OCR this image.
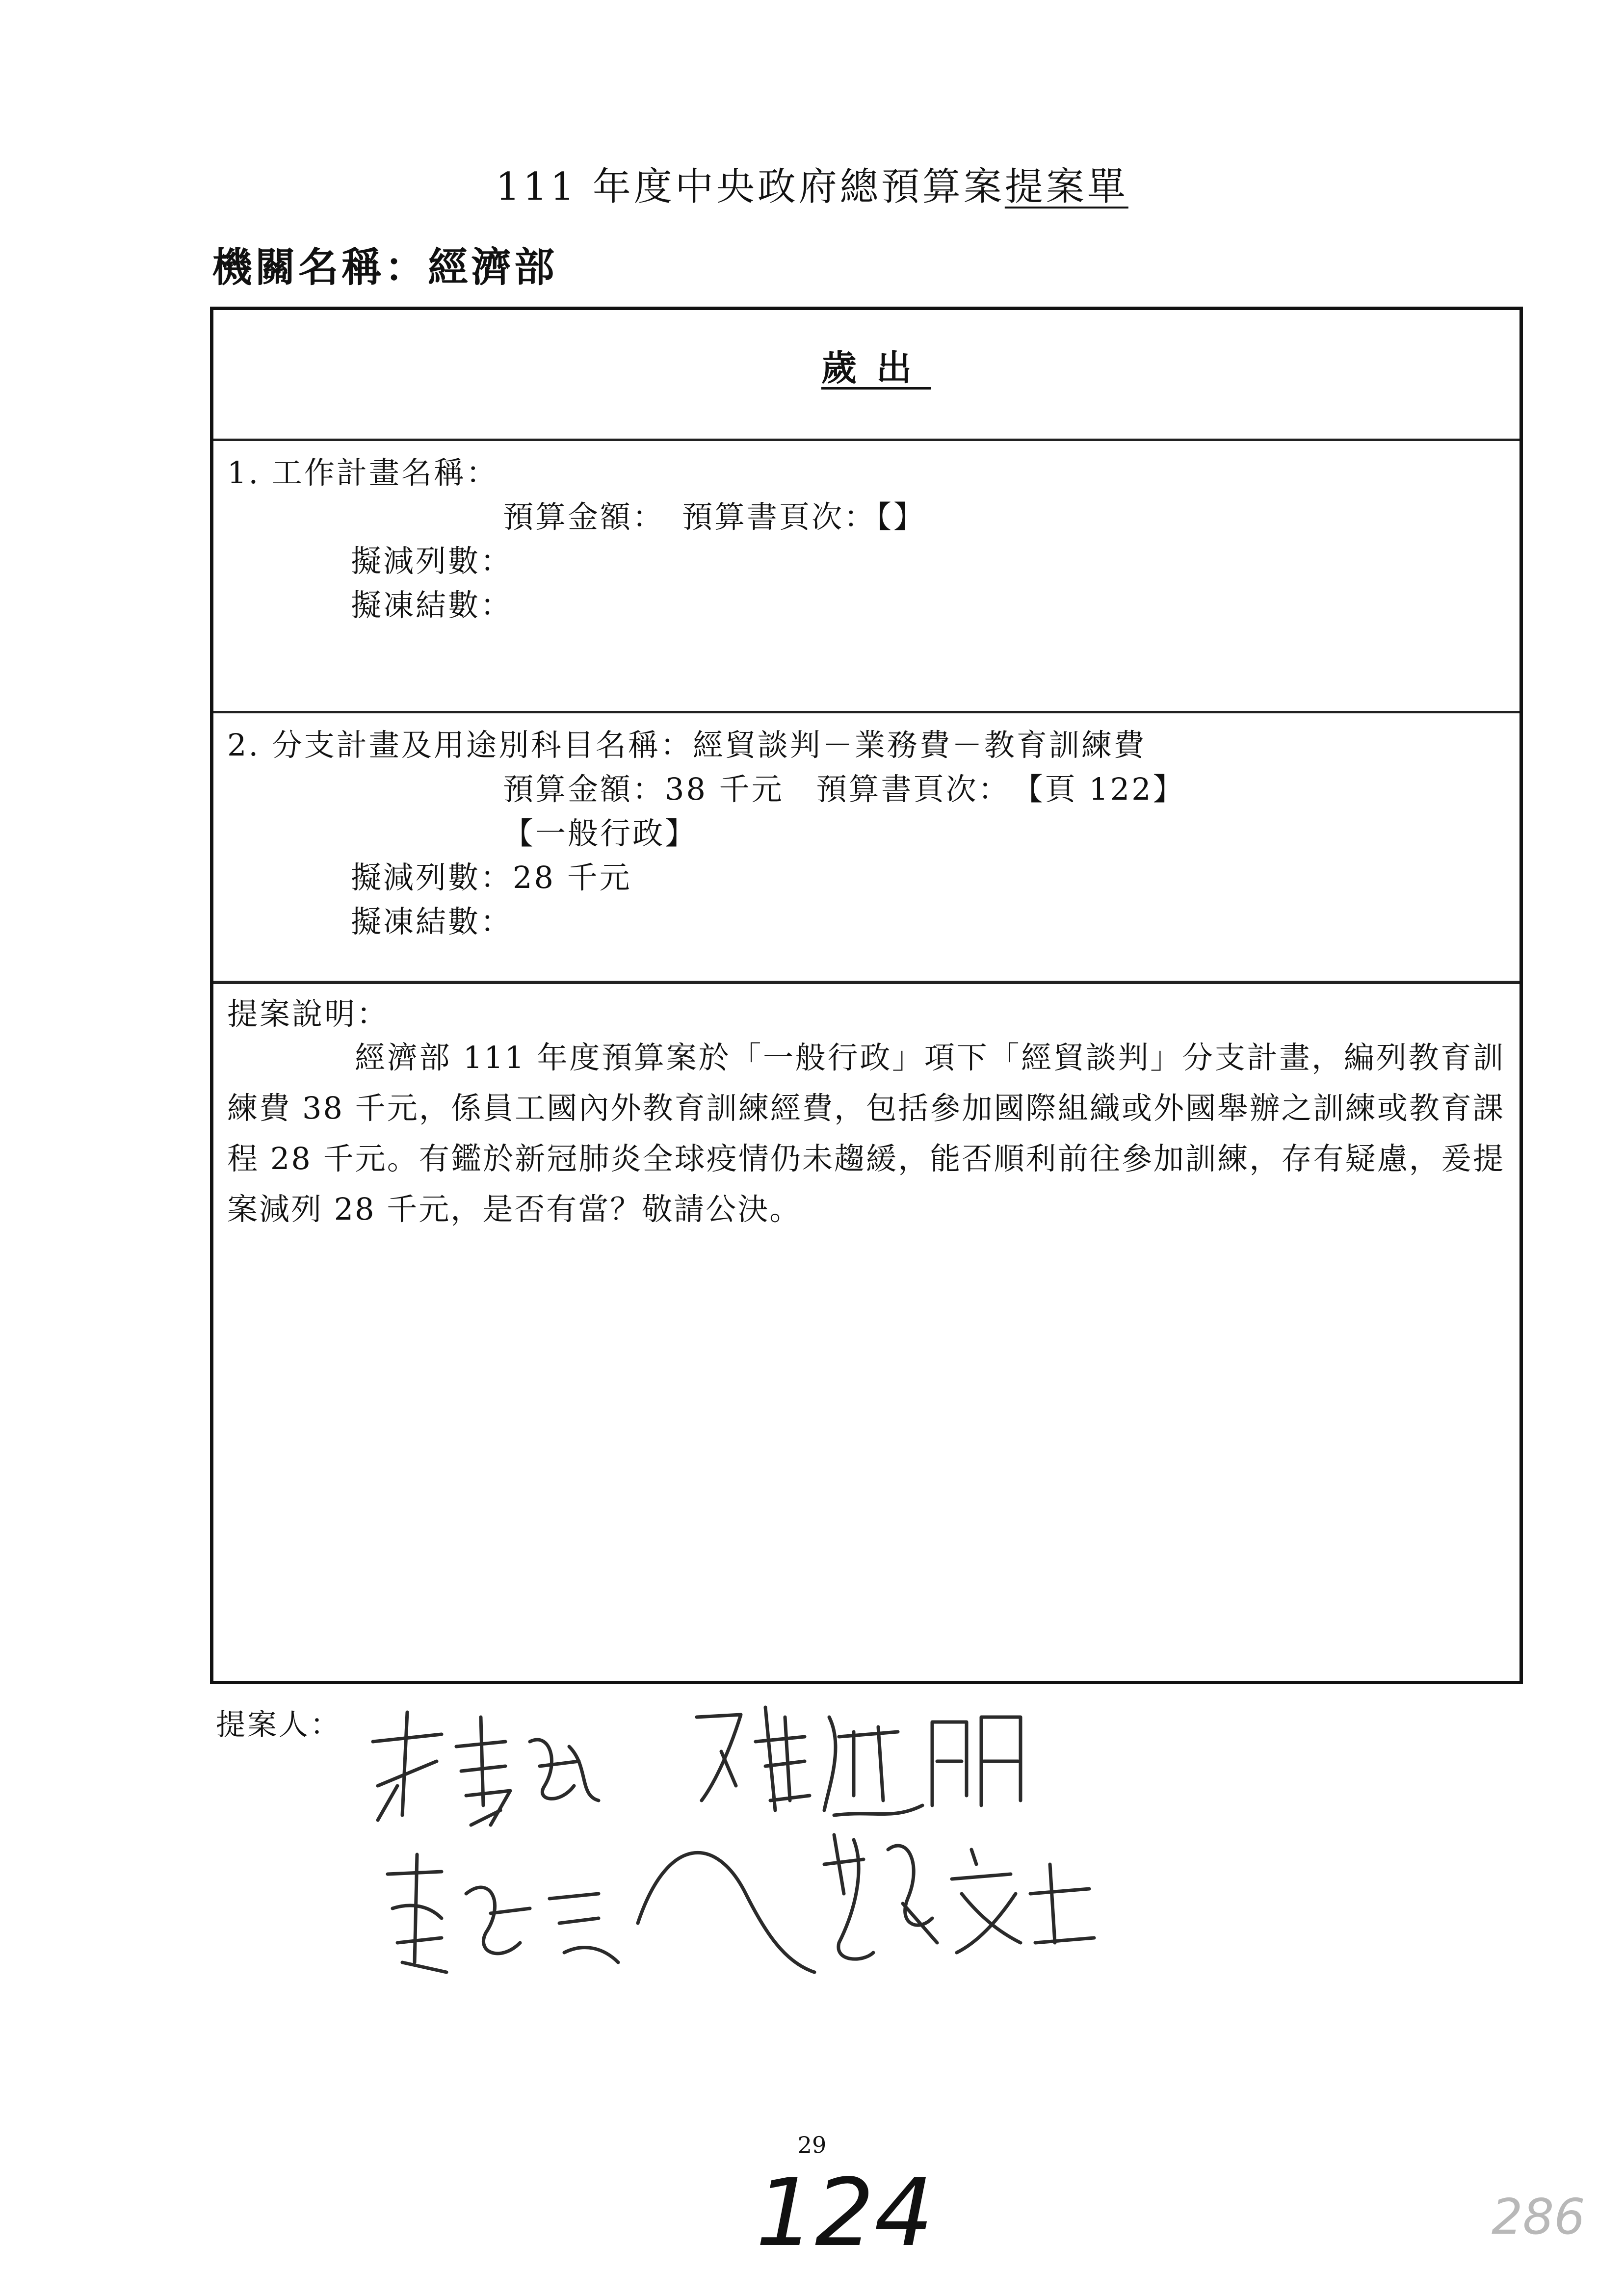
111 年度中央政府總預算案提案單
機關名稱：經濟部
歲出
1. 工作計畫名稱：
預算金額：　預算書頁次：【】
擬減列數：
擬凍結數：
2. 分支計畫及用途別科目名稱：經貿談判－業務費－教育訓練費
預算金額：38 千元　預算書頁次：　【頁 122】
【一般行政】
擬減列數：28 千元
擬凍結數：
提案說明：
經濟部 111 年度預算案於「一般行政」項下「經貿談判」分支計畫，編列教育訓練費 38 千元，係員工國內外教育訓練經費，包括參加國際組織或外國舉辦之訓練或教育課程 28 千元。有鑑於新冠肺炎全球疫情仍未趨緩，能否順利前往參加訓練，存有疑慮，爰提案減列 28 千元，是否有當？敬請公決。
提案人：
29
124	286
